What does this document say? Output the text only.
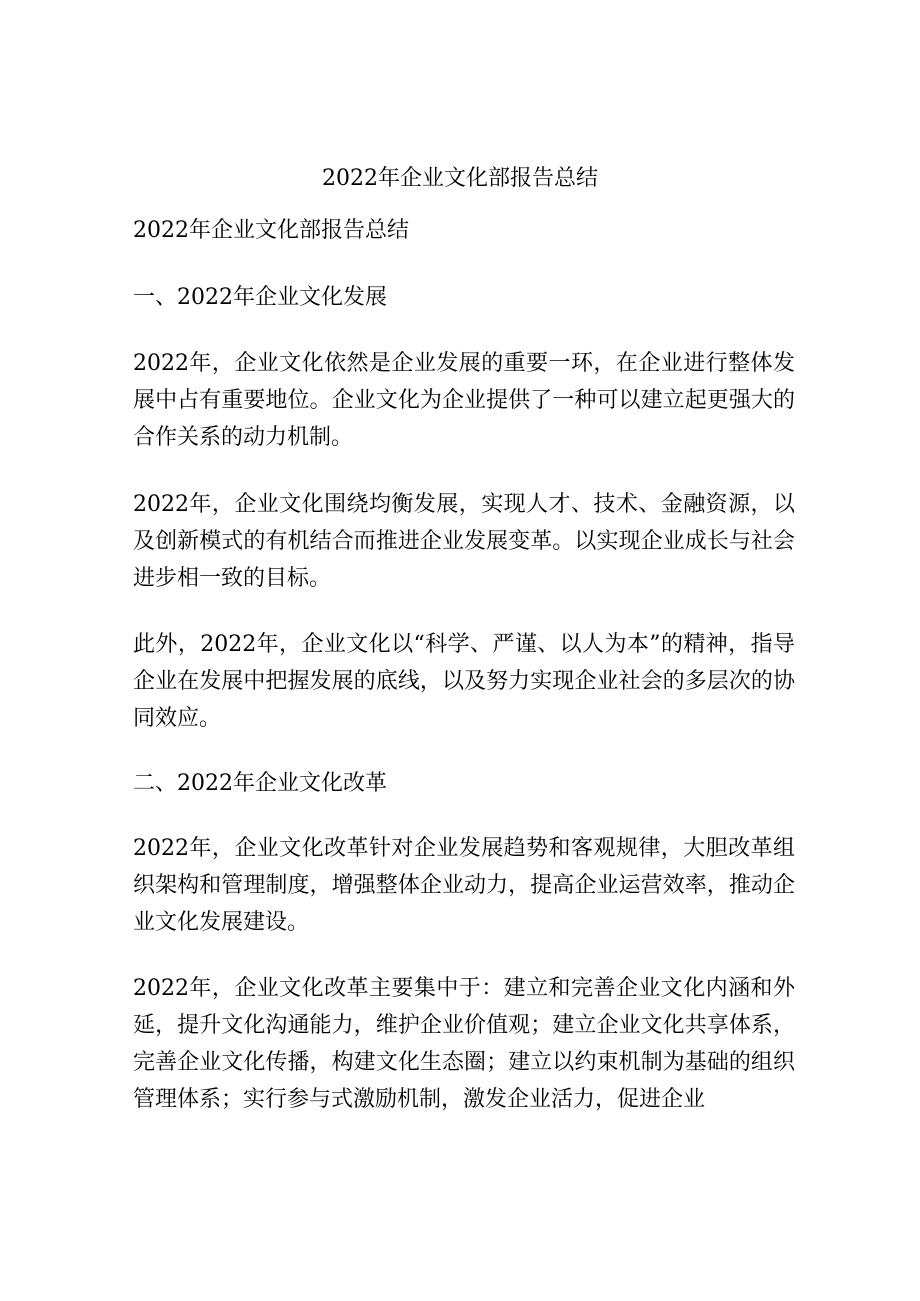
2022年企业文化部报告总结

2022年企业文化部报告总结

一、2022年企业文化发展

2022年，企业文化依然是企业发展的重要一环，在企业进行整体发展中占有重要地位。企业文化为企业提供了一种可以建立起更强大的合作关系的动力机制。

2022年，企业文化围绕均衡发展，实现人才、技术、金融资源，以及创新模式的有机结合而推进企业发展变革。以实现企业成长与社会进步相一致的目标。

此外，2022年，企业文化以“科学、严谨、以人为本”的精神，指导企业在发展中把握发展的底线，以及努力实现企业社会的多层次的协同效应。

二、2022年企业文化改革

2022年，企业文化改革针对企业发展趋势和客观规律，大胆改革组织架构和管理制度，增强整体企业动力，提高企业运营效率，推动企业文化发展建设。

2022年，企业文化改革主要集中于：建立和完善企业文化内涵和外延，提升文化沟通能力，维护企业价值观；建立企业文化共享体系，完善企业文化传播，构建文化生态圈；建立以约束机制为基础的组织管理体系；实行参与式激励机制，激发企业活力，促进企业
